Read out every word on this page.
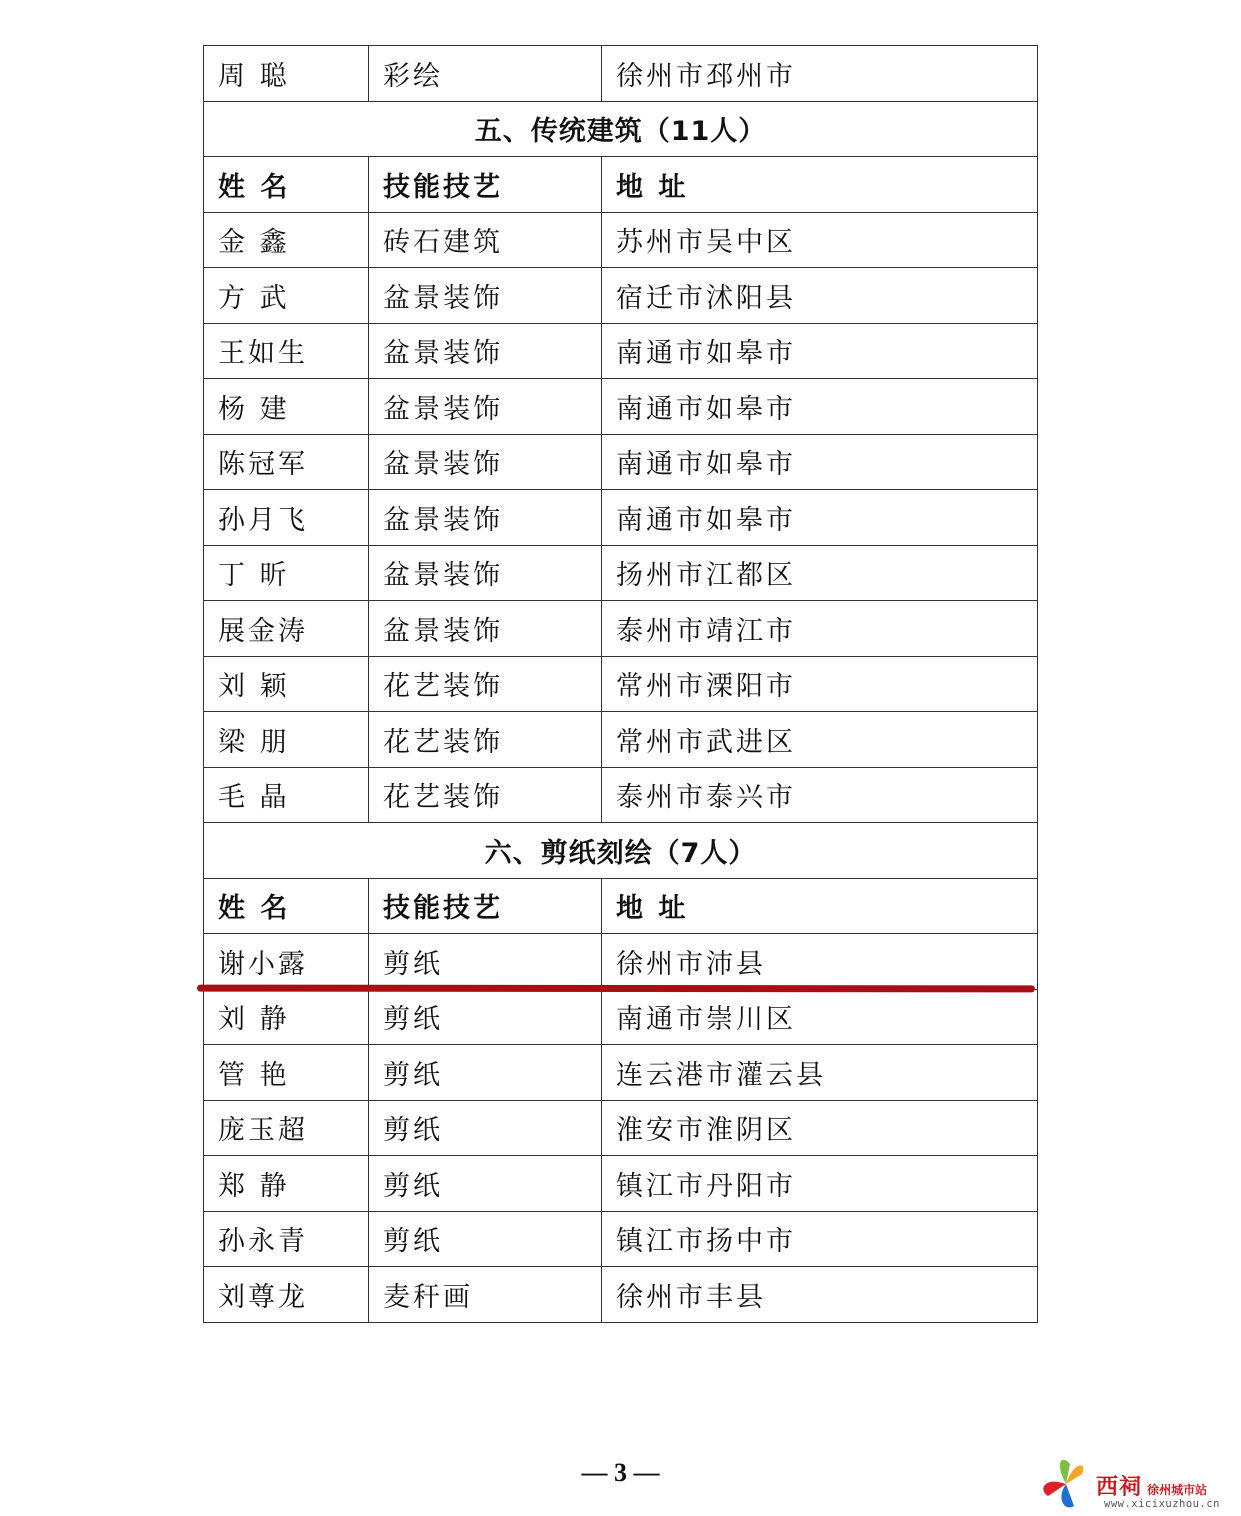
周 聪	彩绘	徐州市邳州市
五、传统建筑（11人）		
姓 名	技能技艺	地 址
金 鑫	砖石建筑	苏州市吴中区
方 武	盆景装饰	宿迁市沭阳县
王如生	盆景装饰	南通市如皋市
杨 建	盆景装饰	南通市如皋市
陈冠军	盆景装饰	南通市如皋市
孙月飞	盆景装饰	南通市如皋市
丁 昕	盆景装饰	扬州市江都区
展金涛	盆景装饰	泰州市靖江市
刘 颖	花艺装饰	常州市溧阳市
梁 朋	花艺装饰	常州市武进区
毛 晶	花艺装饰	泰州市泰兴市
六、剪纸刻绘（7人）		
姓 名	技能技艺	地 址
谢小露	剪纸	徐州市沛县
刘 静	剪纸	南通市崇川区
管 艳	剪纸	连云港市灌云县
庞玉超	剪纸	淮安市淮阴区
郑 静	剪纸	镇江市丹阳市
孙永青	剪纸	镇江市扬中市
刘尊龙	麦秆画	徐州市丰县
— 3 —
西祠 徐州城市站
www.xicixuzhou.cn
